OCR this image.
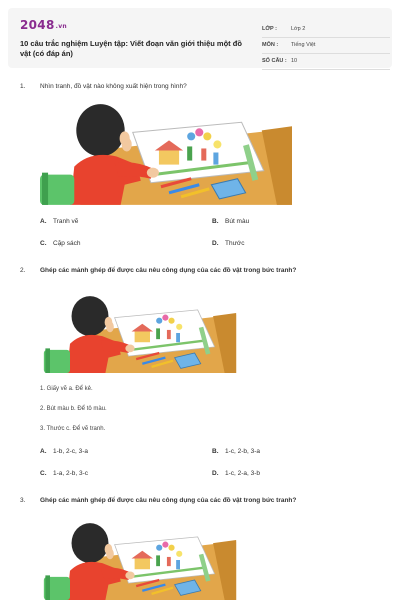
2048.vn
10 câu trắc nghiệm Luyện tập: Viết đoạn văn giới thiệu một đồ vật (có đáp án)
LỚP :	Lớp 2
MÔN : Tiếng Việt
SỐ CÂU : 10
1. Nhìn tranh, đồ vật nào không xuất hiện trong hình?
A. Tranh vẽ	B. Bút màu
C. Cặp sách	D. Thước
2. Ghép các mảnh ghép để được câu nêu công dụng của các đồ vật trong bức tranh?
1. Giấy vẽ a. Để kẻ.
2. Bút màu b. Để tô màu.
3. Thước c. Để vẽ tranh.
A. 1-b, 2-c, 3-a	B. 1-c, 2-b, 3-a
C. 1-a, 2-b, 3-c	D. 1-c, 2-a, 3-b
3. Ghép các mảnh ghép để được câu nêu công dụng của các đồ vật trong bức tranh?
